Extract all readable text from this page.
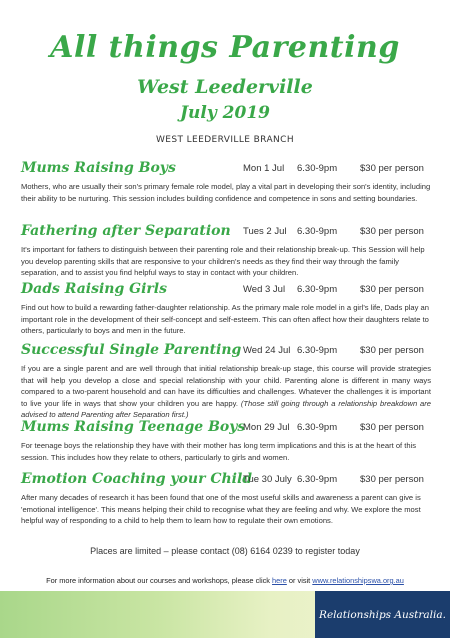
All things Parenting
West Leederville
July 2019
WEST LEEDERVILLE BRANCH
Mums Raising Boys	Mon 1 Jul 6.30-9pm $30 per person
Mothers, who are usually their son's primary female role model, play a vital part in developing their son's identity, including their ability to be nurturing. This session includes building confidence and competence in sons and setting boundaries.
Fathering after Separation Tues 2 Jul 6.30-9pm $30 per person
It's important for fathers to distinguish between their parenting role and their relationship break-up. This Session will help you develop parenting skills that are responsive to your children's needs as they find their way through the family separation, and to assist you find helpful ways to stay in contact with your children.
Dads Raising Girls	Wed 3 Jul 6.30-9pm $30 per person
Find out how to build a rewarding father-daughter relationship. As the primary male role model in a girl's life, Dads play an important role in the development of their self-concept and self-esteem. This can often affect how their daughters relate to others, particularly to boys and men in the future.
Successful Single Parenting Wed 24 Jul 6.30-9pm $30 per person
If you are a single parent and are well through that initial relationship break-up stage, this course will provide strategies that will help you develop a close and special relationship with your child. Parenting alone is different in many ways compared to a two-parent household and can have its difficulties and challenges. Whatever the challenges it is important to live your life in ways that show your children you are happy. (Those still going through a relationship breakdown are advised to attend Parenting after Separation first.)
Mums Raising Teenage Boys
Mon 29 Jul 6.30-9pm $30 per person
For teenage boys the relationship they have with their mother has long term implications and this is at the heart of this session. This includes how they relate to others, particularly to girls and women.
Emotion Coaching your Child
Tue 30 July 6.30-9pm $30 per person
After many decades of research it has been found that one of the most useful skills and awareness a parent can give is 'emotional intelligence'. This means helping their child to recognise what they are feeling and why. We explore the most helpful way of responding to a child to help them to learn how to regulate their own emotions.
Places are limited – please contact (08) 6164 0239 to register today
For more information about our courses and workshops, please click here or visit www.relationshipswa.org.au
Relationships Australia.
